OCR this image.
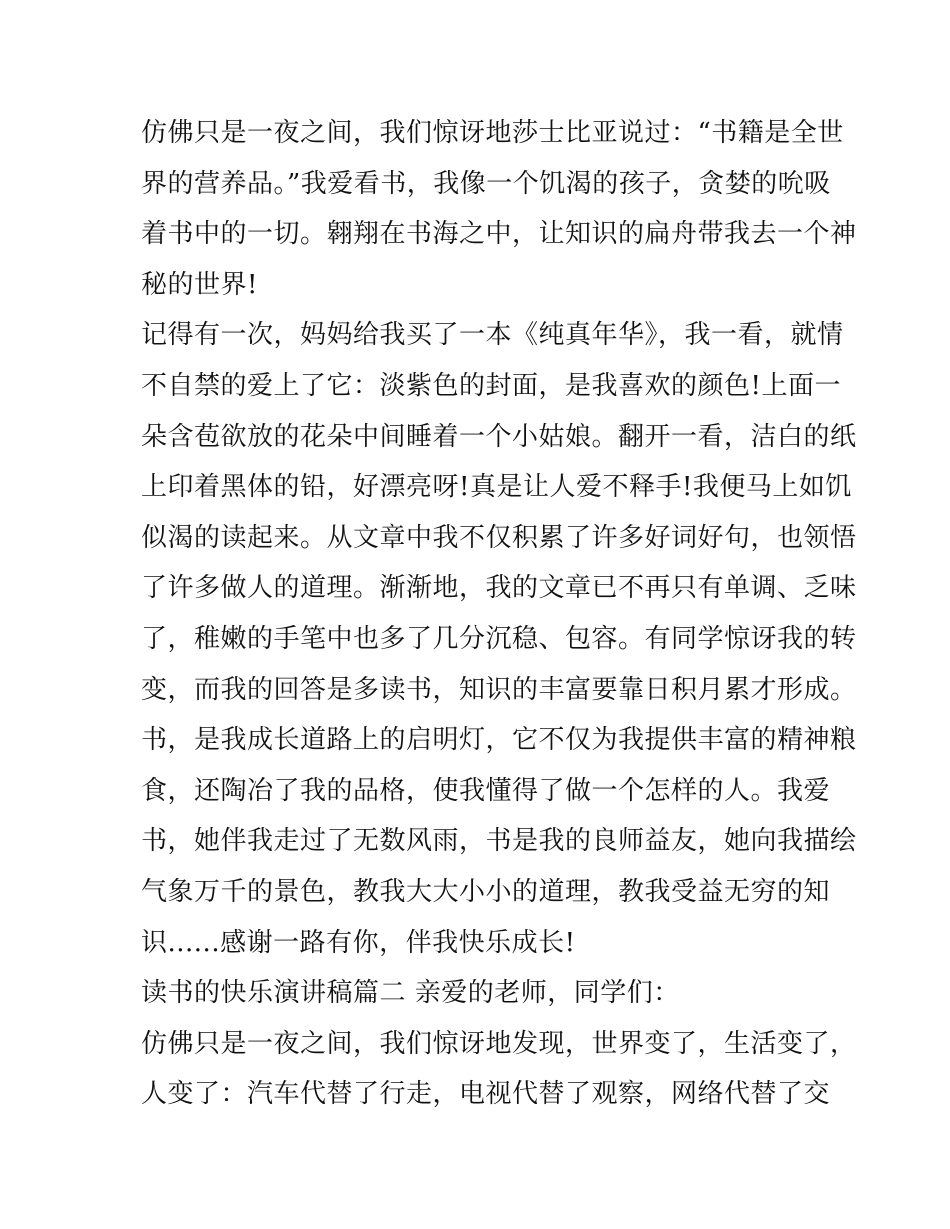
仿佛只是一夜之间，我们惊讶地莎士比亚说过：“书籍是全世
界的营养品。”我爱看书，我像一个饥渴的孩子，贪婪的吮吸
着书中的一切。翱翔在书海之中，让知识的扁舟带我去一个神
秘的世界!
记得有一次，妈妈给我买了一本《纯真年华》，我一看，就情
不自禁的爱上了它：淡紫色的封面，是我喜欢的颜色!上面一
朵含苞欲放的花朵中间睡着一个小姑娘。翻开一看，洁白的纸
上印着黑体的铅，好漂亮呀!真是让人爱不释手!我便马上如饥
似渴的读起来。从文章中我不仅积累了许多好词好句，也领悟
了许多做人的道理。渐渐地，我的文章已不再只有单调、乏味
了，稚嫩的手笔中也多了几分沉稳、包容。有同学惊讶我的转
变，而我的回答是多读书，知识的丰富要靠日积月累才形成。
书，是我成长道路上的启明灯，它不仅为我提供丰富的精神粮
食，还陶冶了我的品格，使我懂得了做一个怎样的人。我爱
书，她伴我走过了无数风雨，书是我的良师益友，她向我描绘
气象万千的景色，教我大大小小的道理，教我受益无穷的知
识......感谢一路有你，伴我快乐成长!
读书的快乐演讲稿篇二 亲爱的老师，同学们：
仿佛只是一夜之间，我们惊讶地发现，世界变了，生活变了，
人变了：汽车代替了行走，电视代替了观察，网络代替了交
